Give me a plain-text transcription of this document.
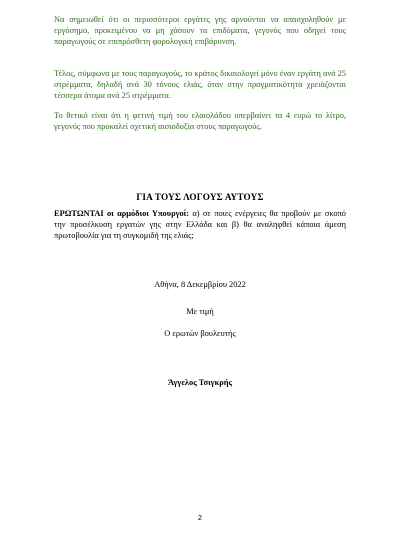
Να σημειωθεί ότι οι περισσότεροι εργάτες γης αρνούνται να απασχοληθούν με εργόσημο, προκειμένου να μη χάσουν τα επιδόματα, γεγονός που οδηγεί τους παραγωγούς σε επιπρόσθετη φορολογική επιβάρυνση.

Τέλος, σύμφωνα με τους παραγωγούς, το κράτος δικαιολογεί μόνο έναν εργάτη ανά 25 στρέμματα, δηλαδή ανά 30 τόνους ελιάς, όταν στην πραγματικότητα χρειάζονται τέσσερα άτομα ανά 25 στρέμματα.

Το θετικό είναι ότι η φετινή τιμή του ελαιολάδου υπερβαίνει τα 4 ευρώ το λίτρο, γεγονός που προκαλεί σχετική αισιοδοξία στους παραγωγούς.

ΓΙΑ ΤΟΥΣ ΛΟΓΟΥΣ ΑΥΤΟΥΣ

ΕΡΩΤΩΝΤΑΙ οι αρμόδιοι Υπουργοί: α) σε ποιες ενέργειες θα προβούν με σκοπό την προσέλκυση εργατών γης στην Ελλάδα και β) θα αναληφθεί κάποια άμεση πρωτοβουλία για τη συγκομιδή της ελιάς;

Αθήνα, 8 Δεκεμβρίου 2022
Με τιμή
Ο ερωτών βουλευτής
Άγγελος Τσιγκρής
2
